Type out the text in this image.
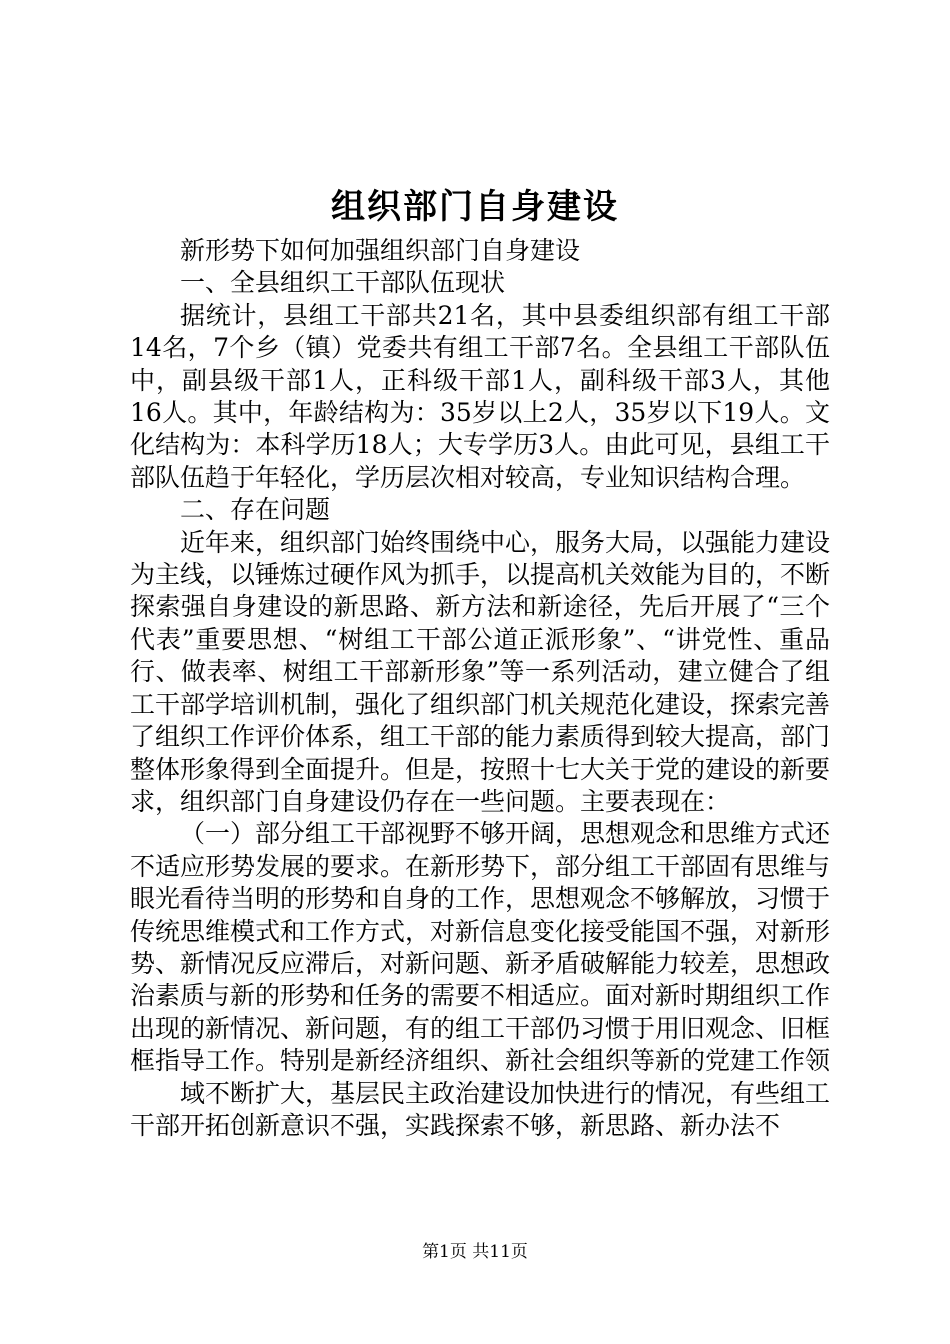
组织部门自身建设

新形势下如何加强组织部门自身建设

一、全县组织工干部队伍现状

据统计，县组工干部共21名，其中县委组织部有组工干部14名，7个乡（镇）党委共有组工干部7名。全县组工干部队伍中，副县级干部1人，正科级干部1人，副科级干部3人，其他16人。其中，年龄结构为：35岁以上2人，35岁以下19人。文化结构为：本科学历18人；大专学历3人。由此可见，县组工干部队伍趋于年轻化，学历层次相对较高，专业知识结构合理。

二、存在问题

近年来，组织部门始终围绕中心，服务大局，以强能力建设为主线，以锤炼过硬作风为抓手，以提高机关效能为目的，不断探索强自身建设的新思路、新方法和新途径，先后开展了“三个代表”重要思想、“树组工干部公道正派形象”、“讲党性、重品行、做表率、树组工干部新形象”等一系列活动，建立健合了组工干部学培训机制，强化了组织部门机关规范化建设，探索完善了组织工作评价体系，组工干部的能力素质得到较大提高，部门整体形象得到全面提升。但是，按照十七大关于党的建设的新要求，组织部门自身建设仍存在一些问题。主要表现在：

（一）部分组工干部视野不够开阔，思想观念和思维方式还不适应形势发展的要求。在新形势下，部分组工干部固有思维与眼光看待当明的形势和自身的工作，思想观念不够解放，习惯于传统思维模式和工作方式，对新信息变化接受能国不强，对新形势、新情况反应滞后，对新问题、新矛盾破解能力较差，思想政治素质与新的形势和任务的需要不相适应。面对新时期组织工作出现的新情况、新问题，有的组工干部仍习惯于用旧观念、旧框框指导工作。特别是新经济组织、新社会组织等新的党建工作领

域不断扩大，基层民主政治建设加快进行的情况，有些组工干部开拓创新意识不强，实践探索不够，新思路、新办法不

第1页 共11页
